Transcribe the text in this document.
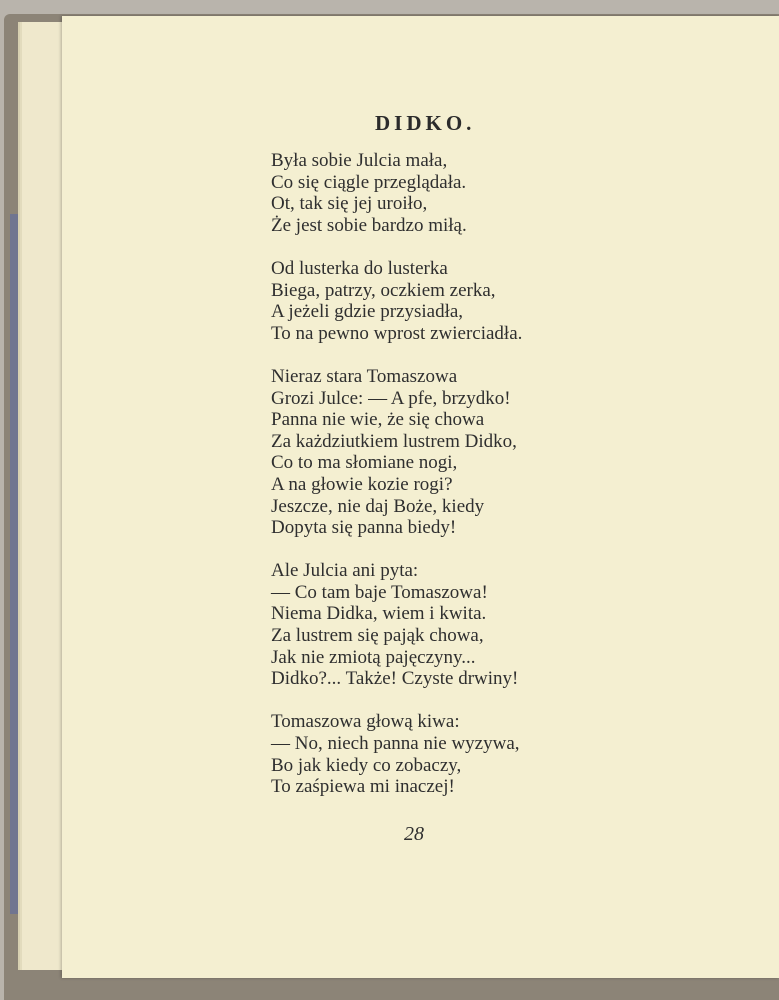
DIDKO.
Była sobie Julcia mała,
Co się ciągle przeglądała.
Ot, tak się jej uroiło,
Że jest sobie bardzo miłą.
Od lusterka do lusterka
Biega, patrzy, oczkiem zerka,
A jeżeli gdzie przysiadła,
To na pewno wprost zwierciadła.
Nieraz stara Tomaszowa
Grozi Julce: — A pfe, brzydko!
Panna nie wie, że się chowa
Za każdziutkiem lustrem Didko,
Co to ma słomiane nogi,
A na głowie kozie rogi?
Jeszcze, nie daj Boże, kiedy
Dopyta się panna biedy!
Ale Julcia ani pyta:
— Co tam baje Tomaszowa!
Niema Didka, wiem i kwita.
Za lustrem się pająk chowa,
Jak nie zmiotą pajęczyny...
Didko?... Także! Czyste drwiny!
Tomaszowa głową kiwa:
— No, niech panna nie wyzywa,
Bo jak kiedy co zobaczy,
To zaśpiewa mi inaczej!
28
